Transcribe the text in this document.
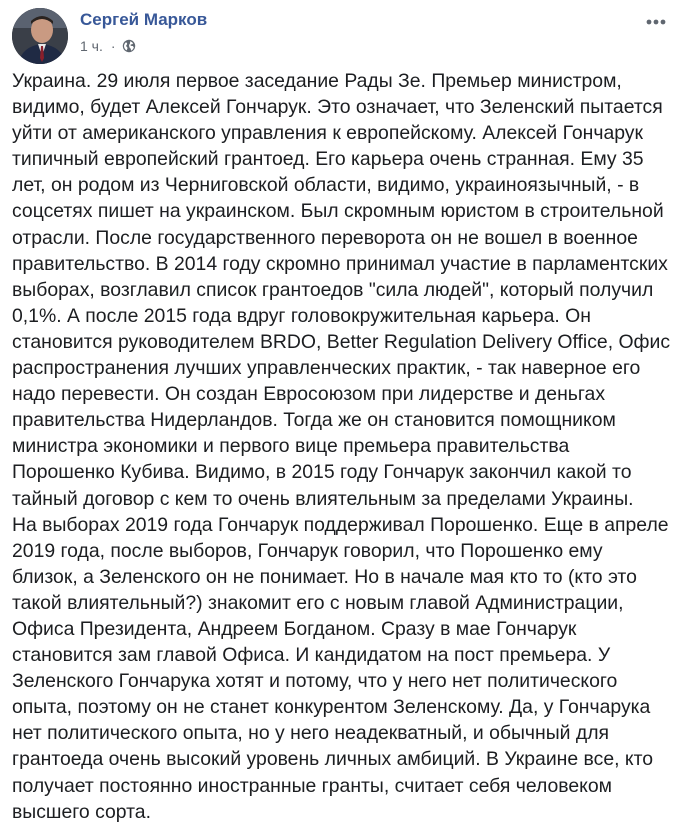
Сергей Марков
1 ч. ·
Украина. 29 июля первое заседание Рады Зе. Премьер министром,
видимо, будет Алексей Гончарук. Это означает, что Зеленский пытается
уйти от американского управления к европейскому. Алексей Гончарук
типичный европейский грантоед. Его карьера очень странная. Ему 35
лет, он родом из Черниговской области, видимо, украиноязычный, - в
соцсетях пишет на украинском. Был скромным юристом в строительной
отрасли. После государственного переворота он не вошел в военное
правительство. В 2014 году скромно принимал участие в парламентских
выборах, возглавил список грантоедов "сила людей", который получил
0,1%. А после 2015 года вдруг головокружительная карьера. Он
становится руководителем BRDO, Better Regulation Delivery Office, Офис
распространения лучших управленческих практик, - так наверное его
надо перевести. Он создан Евросоюзом при лидерстве и деньгах
правительства Нидерландов. Тогда же он становится помощником
министра экономики и первого вице премьера правительства
Порошенко Кубива. Видимо, в 2015 году Гончарук закончил какой то
тайный договор с кем то очень влиятельным за пределами Украины.
На выборах 2019 года Гончарук поддерживал Порошенко. Еще в апреле
2019 года, после выборов, Гончарук говорил, что Порошенко ему
близок, а Зеленского он не понимает. Но в начале мая кто то (кто это
такой влиятельный?) знакомит его с новым главой Администрации,
Офиса Президента, Андреем Богданом. Сразу в мае Гончарук
становится зам главой Офиса. И кандидатом на пост премьера. У
Зеленского Гончарука хотят и потому, что у него нет политического
опыта, поэтому он не станет конкурентом Зеленскому. Да, у Гончарука
нет политического опыта, но у него неадекватный, и обычный для
грантоеда очень высокий уровень личных амбиций. В Украине все, кто
получает постоянно иностранные гранты, считает себя человеком
высшего сорта.
